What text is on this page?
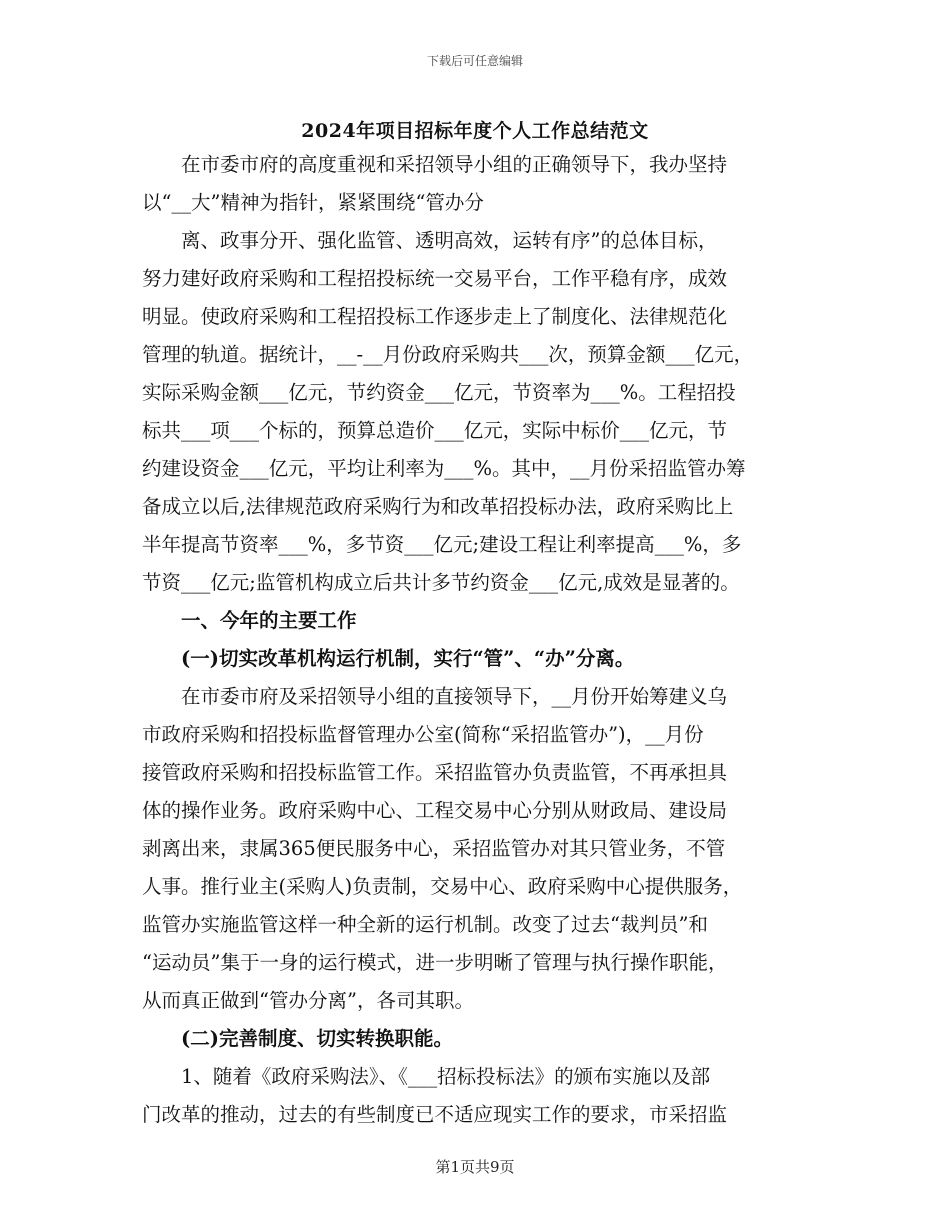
下载后可任意编辑
2024年项目招标年度个人工作总结范文
　　在市委市府的高度重视和采招领导小组的正确领导下，我办坚持
以“__大”精神为指针，紧紧围绕“管办分
　　离、政事分开、强化监管、透明高效，运转有序”的总体目标，
努力建好政府采购和工程招投标统一交易平台，工作平稳有序，成效
明显。使政府采购和工程招投标工作逐步走上了制度化、法律规范化
管理的轨道。据统计，__-__月份政府采购共___次，预算金额___亿元，
实际采购金额___亿元，节约资金___亿元，节资率为___%。工程招投
标共___项___个标的，预算总造价___亿元，实际中标价___亿元，节
约建设资金___亿元，平均让利率为___%。其中，__月份采招监管办筹
备成立以后,法律规范政府采购行为和改革招投标办法，政府采购比上
半年提高节资率___%，多节资___亿元;建设工程让利率提高___%，多
节资___亿元;监管机构成立后共计多节约资金___亿元,成效是显著的。
　　一、今年的主要工作
　　(一)切实改革机构运行机制，实行“管”、“办”分离。
　　在市委市府及采招领导小组的直接领导下，__月份开始筹建义乌
市政府采购和招投标监督管理办公室(简称“采招监管办”)，__月份
接管政府采购和招投标监管工作。采招监管办负责监管，不再承担具
体的操作业务。政府采购中心、工程交易中心分别从财政局、建设局
剥离出来，隶属365便民服务中心，采招监管办对其只管业务，不管
人事。推行业主(采购人)负责制，交易中心、政府采购中心提供服务，
监管办实施监管这样一种全新的运行机制。改变了过去“裁判员”和
“运动员”集于一身的运行模式，进一步明晰了管理与执行操作职能，
从而真正做到“管办分离”，各司其职。
　　(二)完善制度、切实转换职能。
　　1、随着《政府采购法》、《___招标投标法》的颁布实施以及部
门改革的推动，过去的有些制度已不适应现实工作的要求，市采招监
第1页共9页
